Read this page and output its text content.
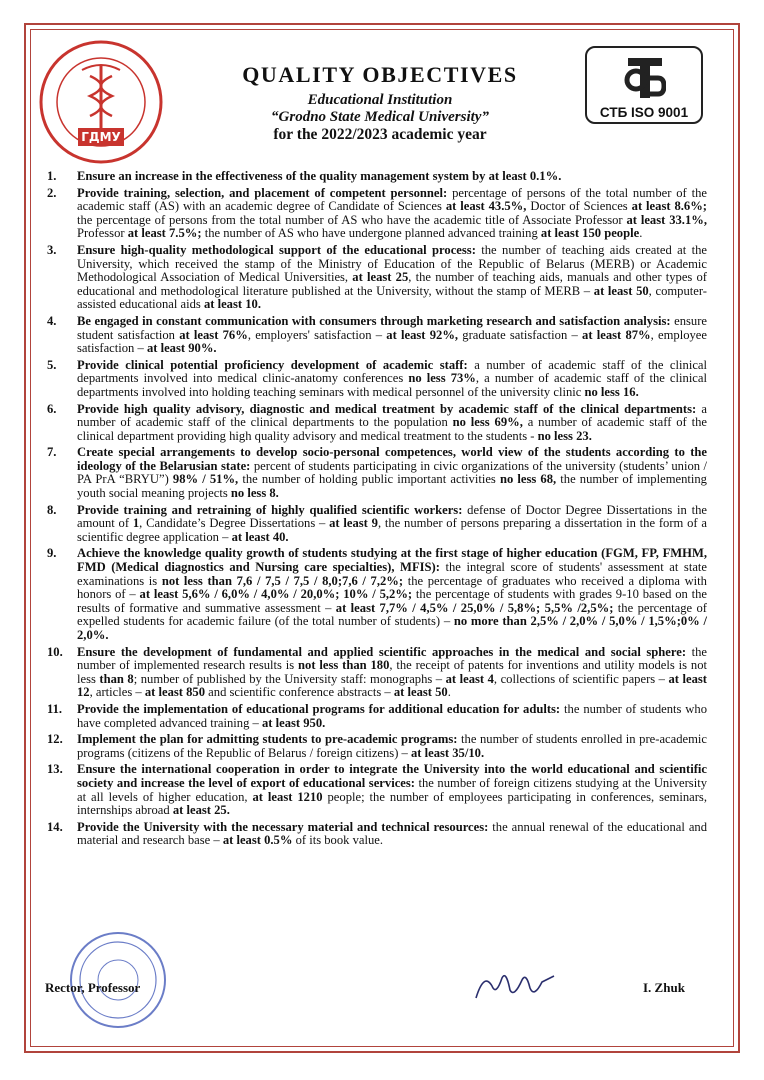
ГДМУ
QUALITY OBJECTIVES
Educational Institution
“Grodno State Medical University”
for the 2022/2023 academic year
СТБ ISO 9001
1. Ensure an increase in the effectiveness of the quality management system by at least 0.1%.
2. Provide training, selection, and placement of competent personnel: percentage of persons of the total number of the academic staff (AS) with an academic degree of Candidate of Sciences at least 43.5%, Doctor of Sciences at least 8.6%; the percentage of persons from the total number of AS who have the academic title of Associate Professor at least 33.1%, Professor at least 7.5%; the number of AS who have undergone planned advanced training at least 150 people.
3. Ensure high-quality methodological support of the educational process: the number of teaching aids created at the University, which received the stamp of the Ministry of Education of the Republic of Belarus (MERB) or Academic Methodological Association of Medical Universities, at least 25, the number of teaching aids, manuals and other types of educational and methodological literature published at the University, without the stamp of MERB – at least 50, computer-assisted educational aids at least 10.
4. Be engaged in constant communication with consumers through marketing research and satisfaction analysis: ensure student satisfaction at least 76%, employers' satisfaction – at least 92%, graduate satisfaction – at least 87%, employee satisfaction – at least 90%.
5. Provide clinical potential proficiency development of academic staff: a number of academic staff of the clinical departments involved into medical clinic-anatomy conferences no less 73%, a number of academic staff of the clinical departments involved into holding teaching seminars with medical personnel of the university clinic no less 16.
6. Provide high quality advisory, diagnostic and medical treatment by academic staff of the clinical departments: a number of academic staff of the clinical departments to the population no less 69%, a number of academic staff of the clinical department providing high quality advisory and medical treatment to the students - no less 23.
7. Create special arrangements to develop socio-personal competences, world view of the students according to the ideology of the Belarusian state: percent of students participating in civic organizations of the university (students’ union / PA PrA “BRYU”) 98% / 51%, the number of holding public important activities no less 68, the number of implementing youth social meaning projects no less 8.
8. Provide training and retraining of highly qualified scientific workers: defense of Doctor Degree Dissertations in the amount of 1, Candidate’s Degree Dissertations – at least 9, the number of persons preparing a dissertation in the form of a scientific degree application – at least 40.
9. Achieve the knowledge quality growth of students studying at the first stage of higher education (FGM, FP, FMHM, FMD (Medical diagnostics and Nursing care specialties), MFIS): the integral score of students' assessment at state examinations is not less than 7,6 / 7,5 / 7,5 / 8,0;7,6 / 7,2%; the percentage of graduates who received a diploma with honors of – at least 5,6% / 6,0% / 4,0% / 20,0%; 10% / 5,2%; the percentage of students with grades 9-10 based on the results of formative and summative assessment – at least 7,7% / 4,5% / 25,0% / 5,8%; 5,5% /2,5%; the percentage of expelled students for academic failure (of the total number of students) – no more than 2,5% / 2,0% / 5,0% / 1,5%;0% / 2,0%.
10. Ensure the development of fundamental and applied scientific approaches in the medical and social sphere: the number of implemented research results is not less than 180, the receipt of patents for inventions and utility models is not less than 8; number of published by the University staff: monographs – at least 4, collections of scientific papers – at least 12, articles – at least 850 and scientific conference abstracts – at least 50.
11. Provide the implementation of educational programs for additional education for adults: the number of students who have completed advanced training – at least 950.
12. Implement the plan for admitting students to pre-academic programs: the number of students enrolled in pre-academic programs (citizens of the Republic of Belarus / foreign citizens) – at least 35/10.
13. Ensure the international cooperation in order to integrate the University into the world educational and scientific society and increase the level of export of educational services: the number of foreign citizens studying at the University at all levels of higher education, at least 1210 people; the number of employees participating in conferences, seminars, internships abroad at least 25.
14. Provide the University with the necessary material and technical resources: the annual renewal of the educational and material and research base – at least 0.5% of its book value.
Rector, Professor	I. Zhuk
